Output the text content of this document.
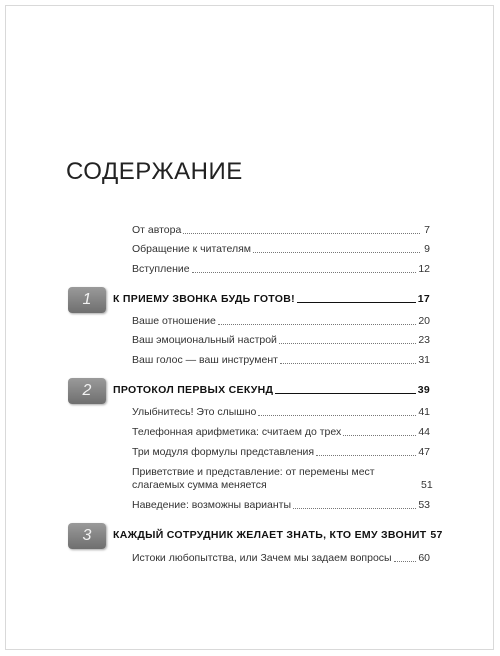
СОДЕРЖАНИЕ
От автора	7
Обращение к читателям	9
Вступление	12
1	К ПРИЕМУ ЗВОНКА БУДЬ ГОТОВ!	17
Ваше отношение	20
Ваш эмоциональный настрой	23
Ваш голос — ваш инструмент	31
2	ПРОТОКОЛ ПЕРВЫХ СЕКУНД	39
Улыбнитесь! Это слышно	41
Телефонная арифметика: считаем до трех	44
Три модуля формулы представления	47
Приветствие и представление: от перемены мест слагаемых сумма меняется	51
Наведение: возможны варианты	53
3	КАЖДЫЙ СОТРУДНИК ЖЕЛАЕТ ЗНАТЬ, КТО ЕМУ ЗВОНИТ 57
Истоки любопытства, или Зачем мы задаем вопросы	60
